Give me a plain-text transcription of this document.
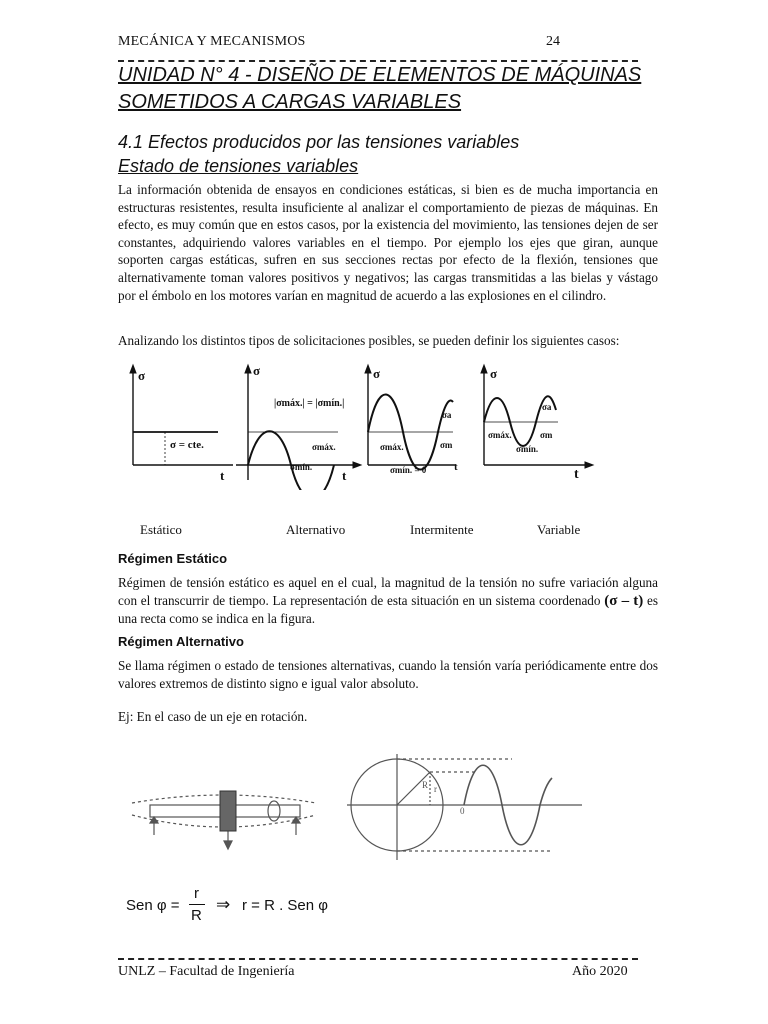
MECÁNICA Y MECANISMOS	24
UNIDAD N° 4 - DISEÑO DE ELEMENTOS DE MÁQUINAS
SOMETIDOS A CARGAS VARIABLES
4.1 Efectos producidos por las tensiones variables
Estado de tensiones variables
La información obtenida de ensayos en condiciones estáticas, si bien es de mucha importancia en estructuras resistentes, resulta insuficiente al analizar el comportamiento de piezas de máquinas. En efecto, es muy común que en estos casos, por la existencia del movimiento, las tensiones dejen de ser constantes, adquiriendo valores variables en el tiempo. Por ejemplo los ejes que giran, aunque soporten cargas estáticas, sufren en sus secciones rectas por efecto de la flexión, tensiones que alternativamente toman valores positivos y negativos; las cargas transmitidas a las bielas y vástago por el émbolo en los motores varían en magnitud de acuerdo a las explosiones en el cilindro.
Analizando los distintos tipos de solicitaciones posibles, se pueden definir los siguientes casos:
σ
t
σ = cte.
σ
|σmáx.| = |σmín.|
σmáx.
σmín.
t
σ
σmáx.
σa
σm
σmín. = 0	t
σ
σa
σmáx.	σm
σmín.
t
Estático	Alternativo	Intermitente	Variable
Régimen Estático
Régimen de tensión estático es aquel en el cual, la magnitud de la tensión no sufre variación alguna con el transcurrir de tiempo. La representación de esta situación en un sistema coordenado (σ – t) es una recta como se indica en la figura.
Régimen Alternativo
Se llama régimen o estado de tensiones alternativas, cuando la tensión varía periódicamente entre dos valores extremos de distinto signo e igual valor absoluto.
Ej: En el caso de un eje en rotación.
R r
0
Sen φ =
r
R
⇒ r = R . Sen φ
UNLZ – Facultad de Ingeniería	Año 2020
